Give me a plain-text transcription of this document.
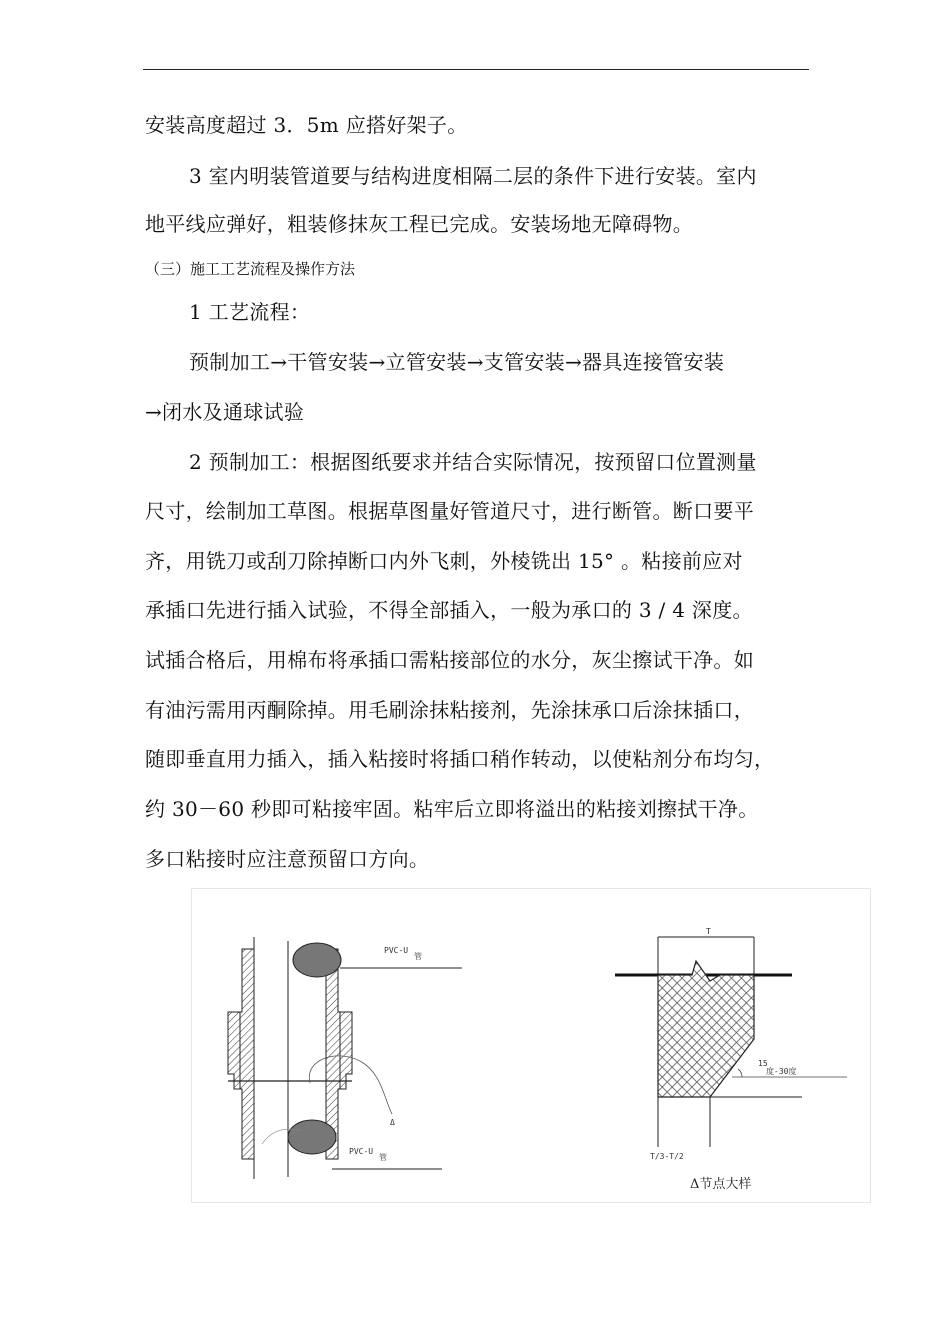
安装高度超过 3．5m 应搭好架子。
3 室内明装管道要与结构进度相隔二层的条件下进行安装。室内
地平线应弹好，粗装修抹灰工程已完成。安装场地无障碍物。
（三）施工工艺流程及操作方法
1 工艺流程：
预制加工→干管安装→立管安装→支管安装→器具连接管安装
→闭水及通球试验
2 预制加工：根据图纸要求并结合实际情况，按预留口位置测量
尺寸，绘制加工草图。根据草图量好管道尺寸，进行断管。断口要平
齐，用铣刀或刮刀除掉断口内外飞刺，外棱铣出 15° 。粘接前应对
承插口先进行插入试验，不得全部插入，一般为承口的 3 / 4 深度。
试插合格后，用棉布将承插口需粘接部位的水分，灰尘擦试干净。如
有油污需用丙酮除掉。用毛刷涂抹粘接剂，先涂抹承口后涂抹插口，
随即垂直用力插入，插入粘接时将插口稍作转动，以使粘剂分布均匀，
约 30－60 秒即可粘接牢固。粘牢后立即将溢出的粘接刘擦拭干净。
多口粘接时应注意预留口方向。
PVC-U
管
PVC-U
管
Δ
T
15
度-30度
T/3-T/2
Δ节点大样
